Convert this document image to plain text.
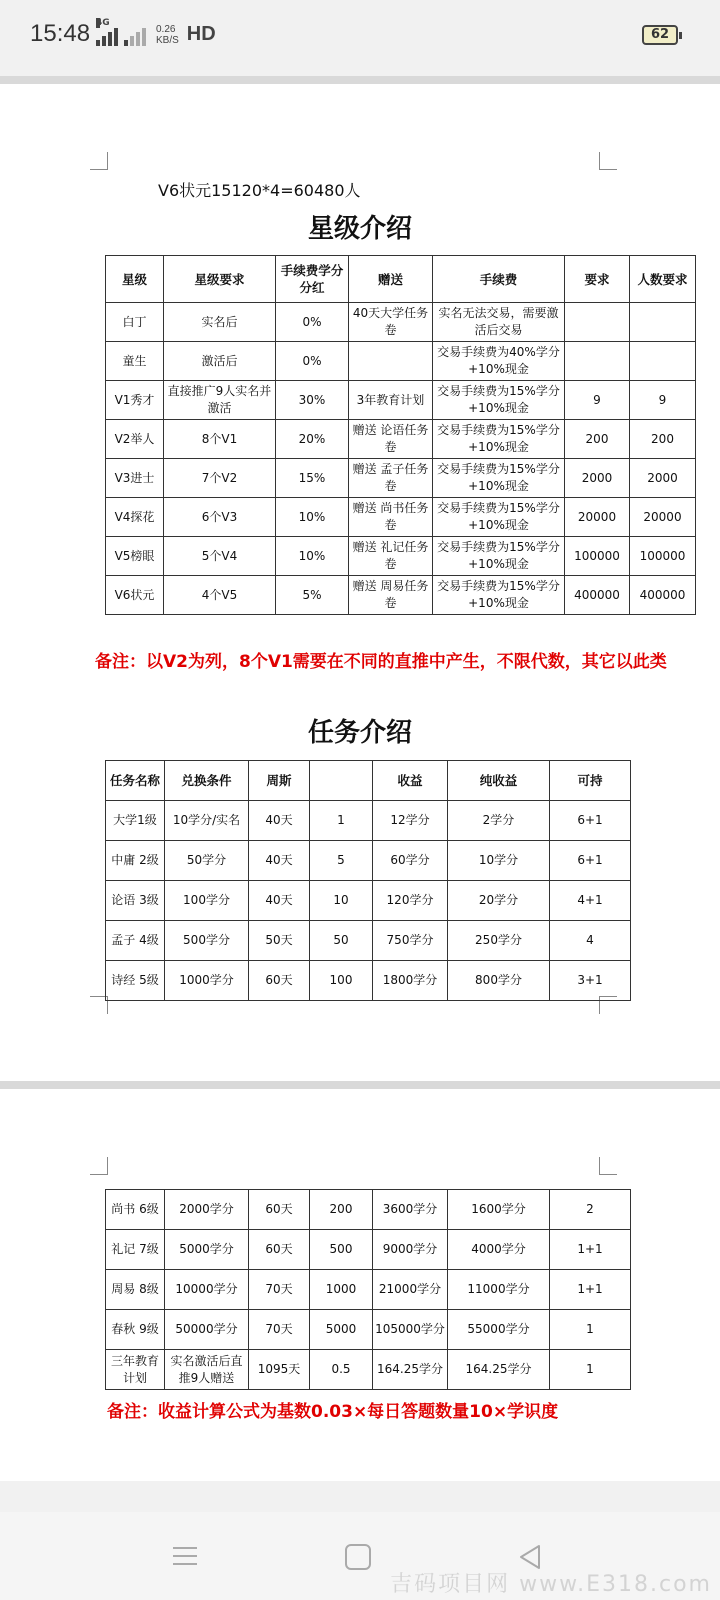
15:48 4G
0.26
KB/S HD	62
V6状元15120*4=60480人
星级介绍
星级	星级要求	手续费学分分红	赠送	手续费	要求	人数要求
白丁	实名后	0%	40天大学任务卷	实名无法交易，需要激活后交易		
童生	激活后	0%		交易手续费为40%学分+10%现金		
V1秀才	直接推广9人实名并激活	30%	3年教育计划	交易手续费为15%学分+10%现金	9	9
V2举人	8个V1	20%	赠送 论语任务卷	交易手续费为15%学分+10%现金	200	200
V3进士	7个V2	15%	赠送 孟子任务卷	交易手续费为15%学分+10%现金	2000	2000
V4探花	6个V3	10%	赠送 尚书任务卷	交易手续费为15%学分+10%现金	20000	20000
V5榜眼	5个V4	10%	赠送 礼记任务卷	交易手续费为15%学分+10%现金	100000	100000
V6状元	4个V5	5%	赠送 周易任务卷	交易手续费为15%学分+10%现金	400000	400000
备注：以V2为列，8个V1需要在不同的直推中产生，不限代数，其它以此类
任务介绍
任务名称	兑换条件	周斯		收益	纯收益	可持
大学1级	10学分/实名	40天	1	12学分	2学分	6+1
中庸 2级	50学分	40天	5	60学分	10学分	6+1
论语 3级	100学分	40天	10	120学分	20学分	4+1
孟子 4级	500学分	50天	50	750学分	250学分	4
诗经 5级	1000学分	60天	100	1800学分	800学分	3+1
尚书 6级	2000学分	60天	200	3600学分	1600学分	2
礼记 7级	5000学分	60天	500	9000学分	4000学分	1+1
周易 8级	10000学分	70天	1000	21000学分	11000学分	1+1
春秋 9级	50000学分	70天	5000	105000学分	55000学分	1
三年教育计划	实名激活后直推9人赠送	1095天	0.5	164.25学分	164.25学分	1
备注：收益计算公式为基数0.03×每日答题数量10×学识度
吉码项目网 www.E318.com
